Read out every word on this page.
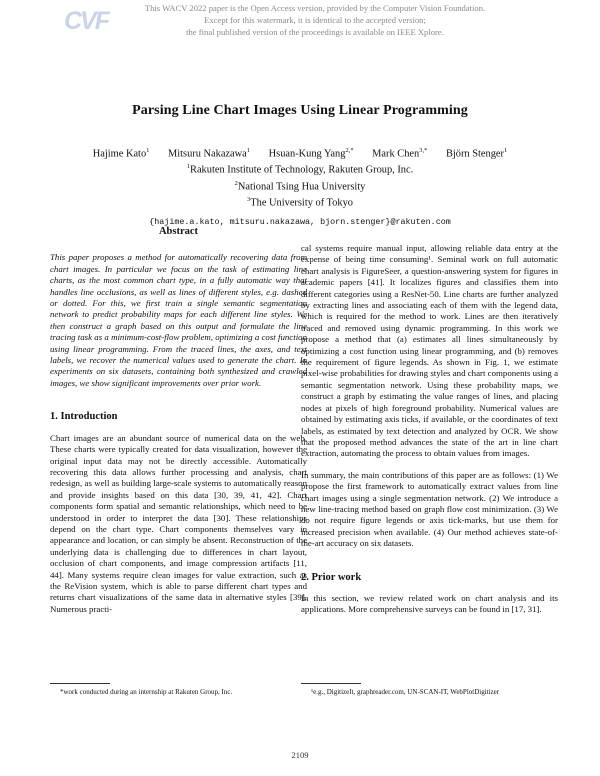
CVF	This WACV 2022 paper is the Open Access version, provided by the Computer Vision Foundation.
Except for this watermark, it is identical to the accepted version;
the final published version of the proceedings is available on IEEE Xplore.
Parsing Line Chart Images Using Linear Programming
Hajime Kato$^1$ Mitsuru Nakazawa$^1$ Hsuan-Kung Yang$^{2,*}$ Mark Chen$^{3,*}$ Björn Stenger$^1$
$^1$Rakuten Institute of Technology, Rakuten Group, Inc.
$^2$National Tsing Hua University
$^3$The University of Tokyo
{hajime.a.kato, mitsuru.nakazawa, bjorn.stenger}@rakuten.com
Abstract

This paper proposes a method for automatically recovering data from chart images. In particular we focus on the task of estimating line charts, as the most common chart type, in a fully automatic way that handles line occlusions, as well as lines of different styles, e.g. dashed or dotted. For this, we first train a single semantic segmentation network to predict probability maps for each different line styles. We then construct a graph based on this output and formulate the line tracing task as a minimum-cost-flow problem, optimizing a cost function using linear programming. From the traced lines, the axes, and text labels, we recover the numerical values used to generate the chart. In experiments on six datasets, containing both synthesized and crawled images, we show significant improvements over prior work.

1. Introduction

Chart images are an abundant source of numerical data on the web. These charts were typically created for data visualization, however the original input data may not be directly accessible. Automatically recovering this data allows further processing and analysis, chart redesign, as well as building large-scale systems to automatically reason and provide insights based on this data [30, 39, 41, 42]. Chart components form spatial and semantic relationships, which need to be understood in order to interpret the data [30]. These relationships depend on the chart type. Chart components themselves vary in appearance and location, or can simply be absent. Reconstruction of the underlying data is challenging due to differences in chart layout, occlusion of chart components, and image compression artifacts [11, 44]. Many systems require clean images for value extraction, such as the ReVision system, which is able to parse different chart types and returns chart visualizations of the same data in alternative styles [39]. Numerous practi-

cal systems require manual input, allowing reliable data entry at the expense of being time consuming¹. Seminal work on full automatic chart analysis is FigureSeer, a question-answering system for figures in academic papers [41]. It localizes figures and classifies them into different categories using a ResNet-50. Line charts are further analyzed by extracting lines and associating each of them with the legend data, which is required for the method to work. Lines are then iteratively traced and removed using dynamic programming. In this work we propose a method that (a) estimates all lines simultaneously by optimizing a cost function using linear programming, and (b) removes the requirement of figure legends. As shown in Fig. 1, we estimate pixel-wise probabilities for drawing styles and chart components using a semantic segmentation network. Using these probability maps, we construct a graph by estimating the value ranges of lines, and placing nodes at pixels of high foreground probability. Numerical values are obtained by estimating axis ticks, if available, or the coordinates of text labels, as estimated by text detection and analyzed by OCR. We show that the proposed method advances the state of the art in line chart extraction, automating the process to obtain values from images.

In summary, the main contributions of this paper are as follows: (1) We propose the first framework to automatically extract values from line chart images using a single segmentation network. (2) We introduce a new line-tracing method based on graph flow cost minimization. (3) We do not require figure legends or axis tick-marks, but use them for increased precision when available. (4) Our method achieves state-of-the-art accuracy on six datasets.

2. Prior work

In this section, we review related work on chart analysis and its applications. More comprehensive surveys can be found in [17, 31].

*work conducted during an internship at Rakuten Group, Inc.	¹e.g., DigitizeIt, graphreader.com, UN-SCAN-IT, WebPlotDigitizer
2109
